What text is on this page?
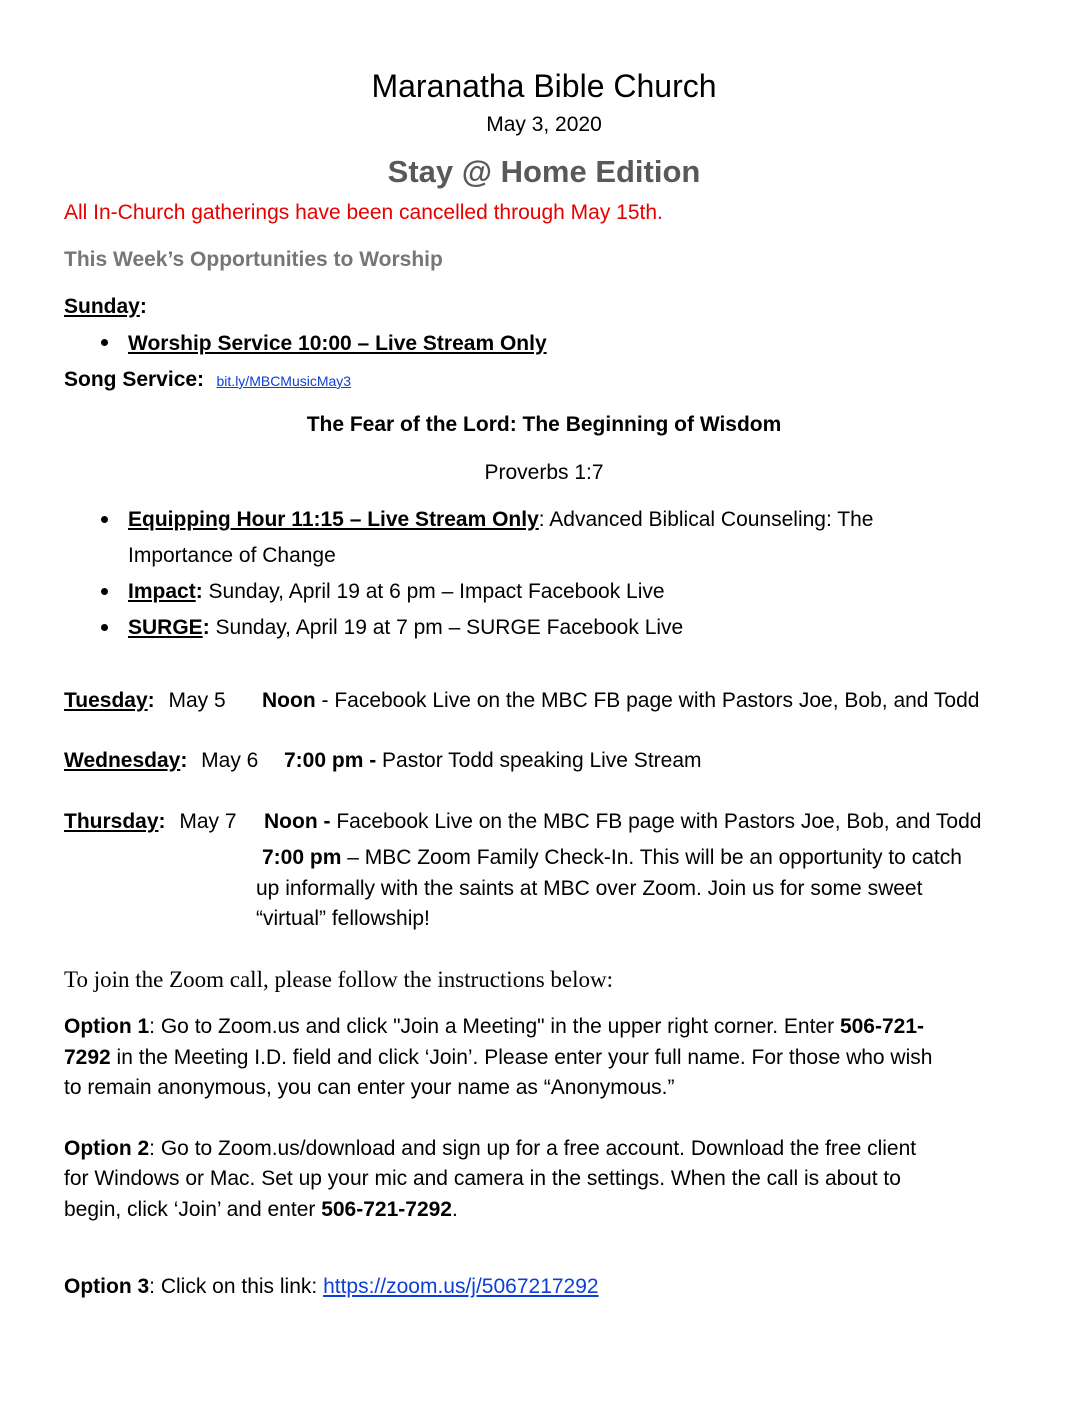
Maranatha Bible Church
May 3, 2020
Stay @ Home Edition
All In-Church gatherings have been cancelled through May 15th.
This Week’s Opportunities to Worship
Sunday:
Worship Service 10:00 – Live Stream Only
Song Service: bit.ly/MBCMusicMay3
The Fear of the Lord: The Beginning of Wisdom
Proverbs 1:7
Equipping Hour 11:15 – Live Stream Only: Advanced Biblical Counseling: The
Importance of Change
Impact: Sunday, April 19 at 6 pm – Impact Facebook Live
SURGE: Sunday, April 19 at 7 pm – SURGE Facebook Live
Tuesday: May 5 Noon - Facebook Live on the MBC FB page with Pastors Joe, Bob, and Todd
Wednesday: May 6 7:00 pm - Pastor Todd speaking Live Stream
Thursday: May 7 Noon - Facebook Live on the MBC FB page with Pastors Joe, Bob, and Todd
7:00 pm – MBC Zoom Family Check-In. This will be an opportunity to catch
up informally with the saints at MBC over Zoom. Join us for some sweet
“virtual” fellowship!
To join the Zoom call, please follow the instructions below:
Option 1: Go to Zoom.us and click "Join a Meeting" in the upper right corner. Enter 506-721-
7292 in the Meeting I.D. field and click ‘Join’. Please enter your full name. For those who wish
to remain anonymous, you can enter your name as “Anonymous.”
Option 2: Go to Zoom.us/download and sign up for a free account. Download the free client
for Windows or Mac. Set up your mic and camera in the settings. When the call is about to
begin, click ‘Join’ and enter 506-721-7292.
Option 3: Click on this link: https://zoom.us/j/5067217292
